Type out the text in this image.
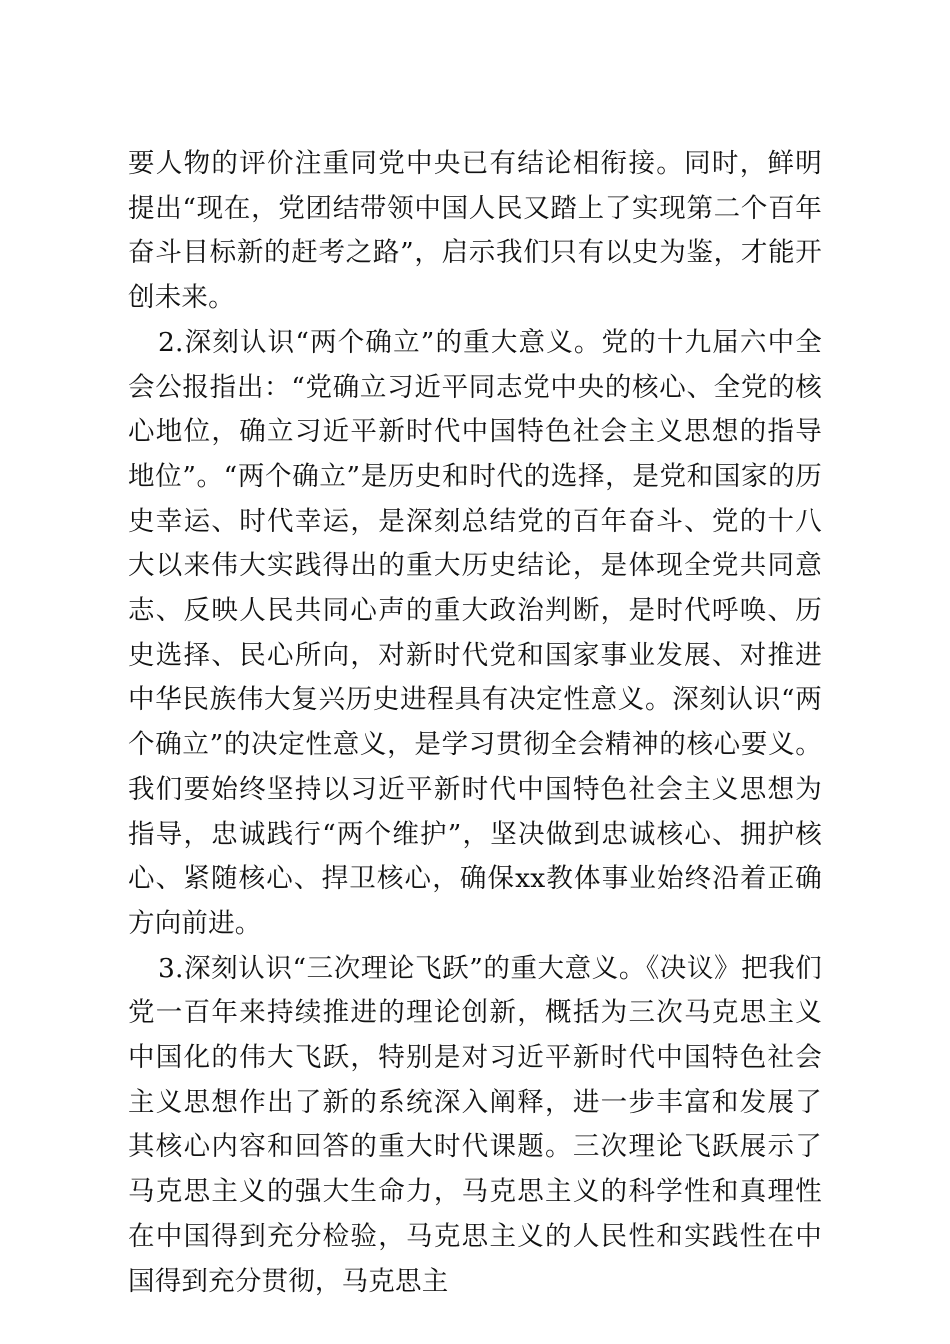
要人物的评价注重同党中央已有结论相衔接。同时，鲜明提出“现在，党团结带领中国人民又踏上了实现第二个百年奋斗目标新的赶考之路”，启示我们只有以史为鉴，才能开创未来。

2.深刻认识“两个确立”的重大意义。党的十九届六中全会公报指出：“党确立习近平同志党中央的核心、全党的核心地位，确立习近平新时代中国特色社会主义思想的指导地位”。“两个确立”是历史和时代的选择，是党和国家的历史幸运、时代幸运，是深刻总结党的百年奋斗、党的十八大以来伟大实践得出的重大历史结论，是体现全党共同意志、反映人民共同心声的重大政治判断，是时代呼唤、历史选择、民心所向，对新时代党和国家事业发展、对推进中华民族伟大复兴历史进程具有决定性意义。深刻认识“两个确立”的决定性意义，是学习贯彻全会精神的核心要义。我们要始终坚持以习近平新时代中国特色社会主义思想为指导，忠诚践行“两个维护”，坚决做到忠诚核心、拥护核心、紧随核心、捍卫核心，确保xx教体事业始终沿着正确方向前进。

3.深刻认识“三次理论飞跃”的重大意义。《决议》把我们党一百年来持续推进的理论创新，概括为三次马克思主义中国化的伟大飞跃，特别是对习近平新时代中国特色社会主义思想作出了新的系统深入阐释，进一步丰富和发展了其核心内容和回答的重大时代课题。三次理论飞跃展示了马克思主义的强大生命力，马克思主义的科学性和真理性在中国得到充分检验，马克思主义的人民性和实践性在中国得到充分贯彻，马克思主
